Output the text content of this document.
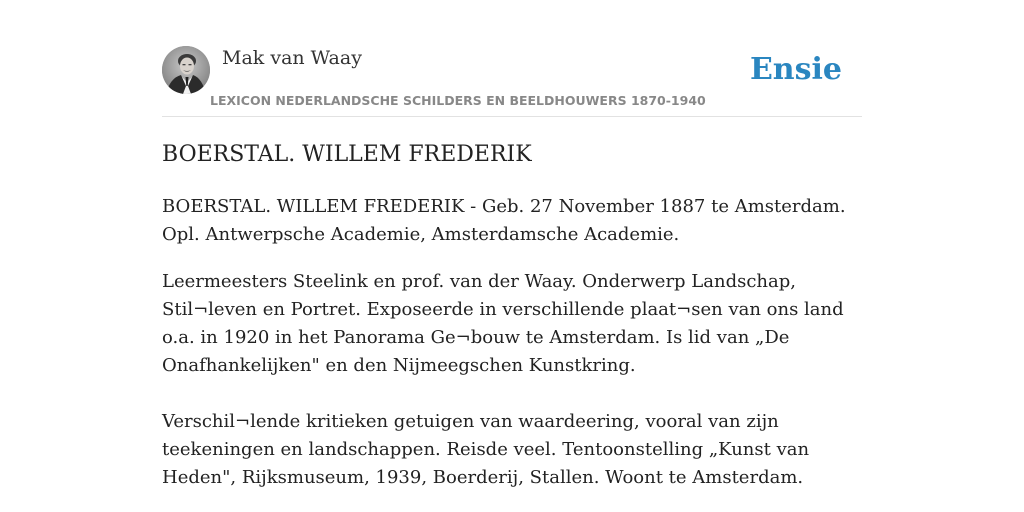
Mak van Waay
LEXICON NEDERLANDSCHE SCHILDERS EN BEELDHOUWERS 1870-1940
Ensie
BOERSTAL. WILLEM FREDERIK

BOERSTAL. WILLEM FREDERIK - Geb. 27 November 1887 te Amsterdam. Opl. Antwerpsche Academie, Amsterdamsche Academie.

Leermeesters Steelink en prof. van der Waay. Onderwerp Landschap, Stil¬leven en Portret. Exposeerde in verschillende plaat¬sen van ons land o.a. in 1920 in het Panorama Ge¬bouw te Amsterdam. Is lid van „De Onafhankelijken" en den Nijmeegschen Kunstkring.

Verschil¬lende kritieken getuigen van waardeering, vooral van zijn teekeningen en landschappen. Reisde veel. Tentoonstelling „Kunst van Heden", Rijksmuseum, 1939, Boerderij, Stallen. Woont te Amsterdam.
